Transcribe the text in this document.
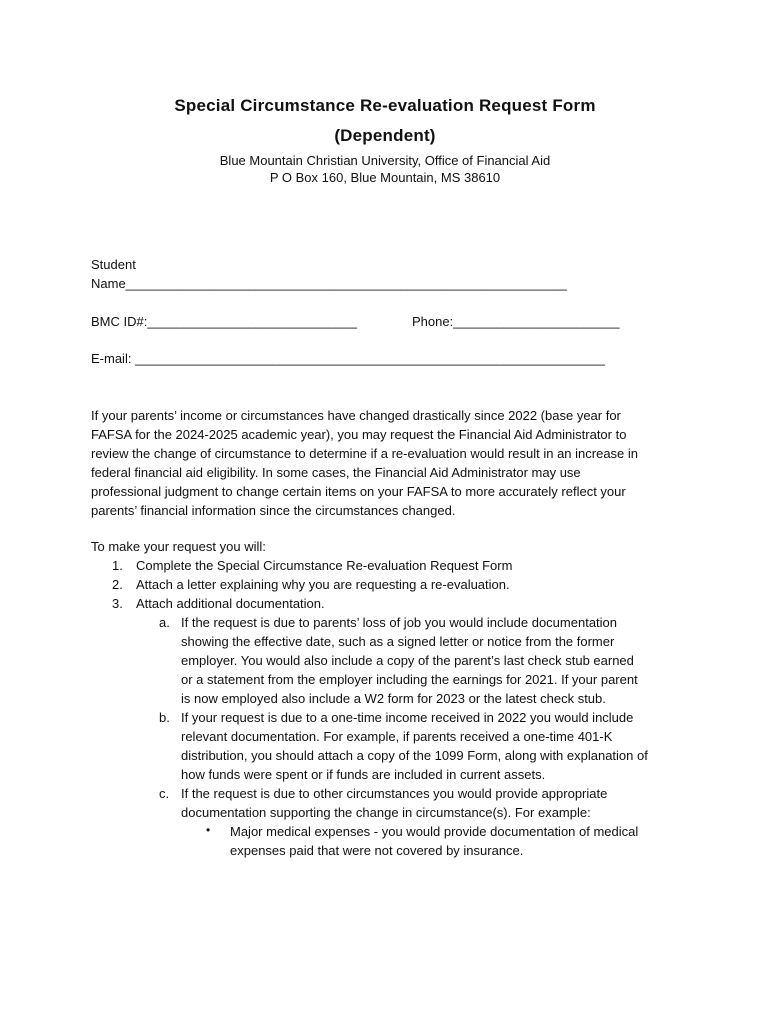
Special Circumstance Re-evaluation Request Form
(Dependent)
Blue Mountain Christian University, Office of Financial Aid
P O Box 160, Blue Mountain, MS 38610
Student
Name_____________________________________________________________
BMC ID#:_____________________________	Phone:_______________________
E-mail: _________________________________________________________________
If your parents’ income or circumstances have changed drastically since 2022 (base year for
FAFSA for the 2024-2025 academic year), you may request the Financial Aid Administrator to
review the change of circumstance to determine if a re-evaluation would result in an increase in
federal financial aid eligibility. In some cases, the Financial Aid Administrator may use
professional judgment to change certain items on your FAFSA to more accurately reflect your
parents’ financial information since the circumstances changed.
To make your request you will:
1. Complete the Special Circumstance Re-evaluation Request Form
2. Attach a letter explaining why you are requesting a re-evaluation.
3. Attach additional documentation.
a. If the request is due to parents’ loss of job you would include documentation
showing the effective date, such as a signed letter or notice from the former
employer. You would also include a copy of the parent’s last check stub earned
or a statement from the employer including the earnings for 2021. If your parent
is now employed also include a W2 form for 2023 or the latest check stub.
b. If your request is due to a one-time income received in 2022 you would include
relevant documentation. For example, if parents received a one-time 401-K
distribution, you should attach a copy of the 1099 Form, along with explanation of
how funds were spent or if funds are included in current assets.
c. If the request is due to other circumstances you would provide appropriate
documentation supporting the change in circumstance(s). For example:
• Major medical expenses - you would provide documentation of medical
expenses paid that were not covered by insurance.
